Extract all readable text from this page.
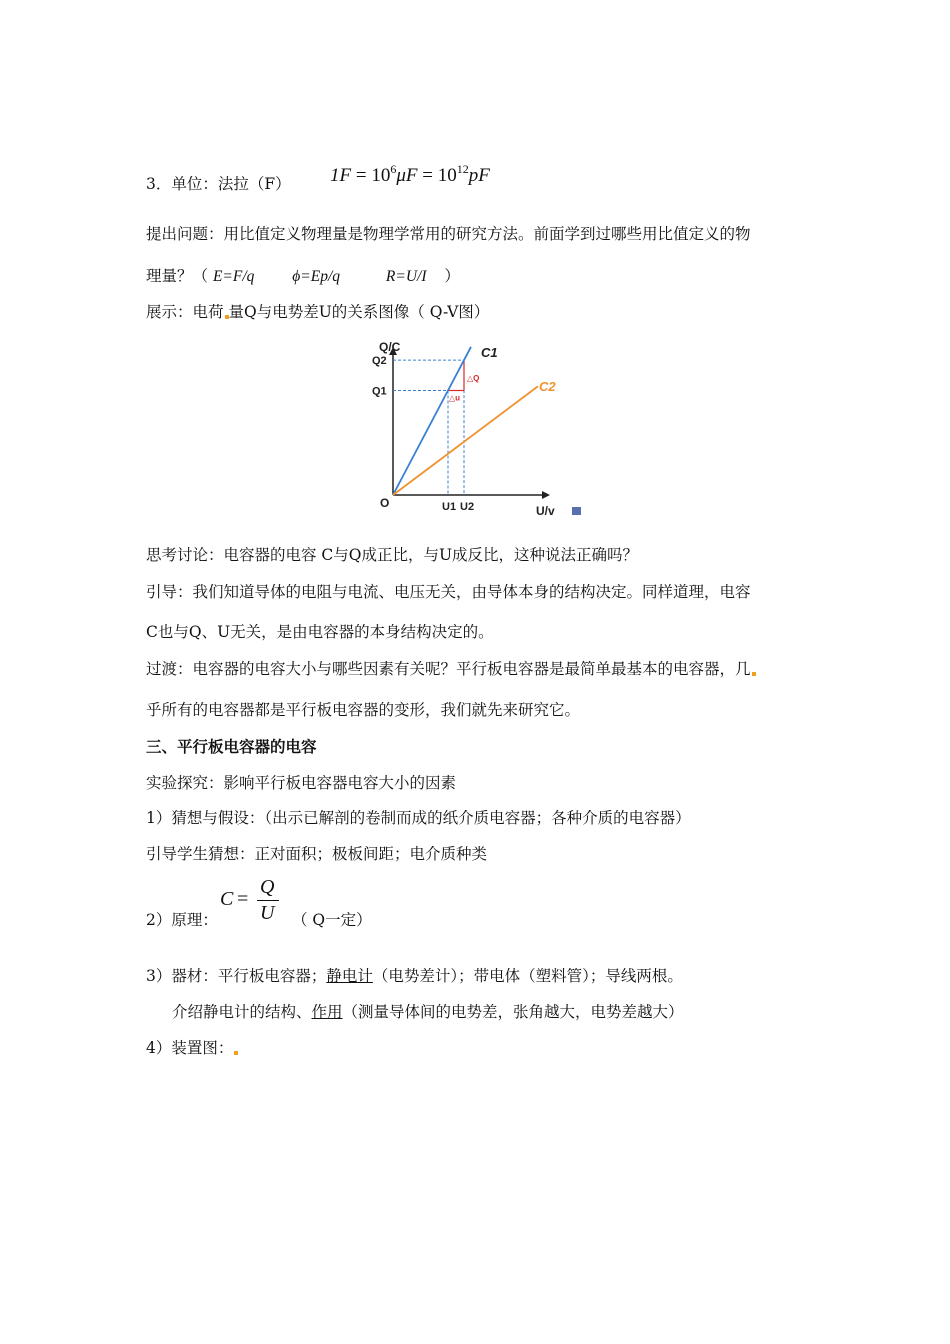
3．单位：法拉（F） $1F = 10^6\mu F = 10^{12}pF$
提出问题：用比值定义物理量是物理学常用的研究方法。前面学到过哪些用比值定义的物
理量？（ E=F/q ϕ=Ep/q	R=U/I ）
展示：电荷 量Q与电势差U的关系图像（ Q-V图）
C1
C2
Q/C
U/v
O
Q2
Q1
U1 U2
△Q
△u
思考讨论：电容器的电容 C与Q成正比，与U成反比，这种说法正确吗？
引导：我们知道导体的电阻与电流、电压无关，由导体本身的结构决定。同样道理，电容
C也与Q、U无关，是由电容器的本身结构决定的。
过渡：电容器的电容大小与哪些因素有关呢？平行板电容器是最简单最基本的电容器，几
乎所有的电容器都是平行板电容器的变形，我们就先来研究它。
三、平行板电容器的电容
实验探究：影响平行板电容器电容大小的因素
1）猜想与假设：（出示已解剖的卷制而成的纸介质电容器；各种介质的电容器）
引导学生猜想：正对面积；极板间距；电介质种类
2）原理：
C =
Q
U （ Q一定）
3）器材：平行板电容器；静电计（电势差计）；带电体（塑料管）；导线两根。
介绍静电计的结构、作用（测量导体间的电势差，张角越大，电势差越大）
4）装置图：
